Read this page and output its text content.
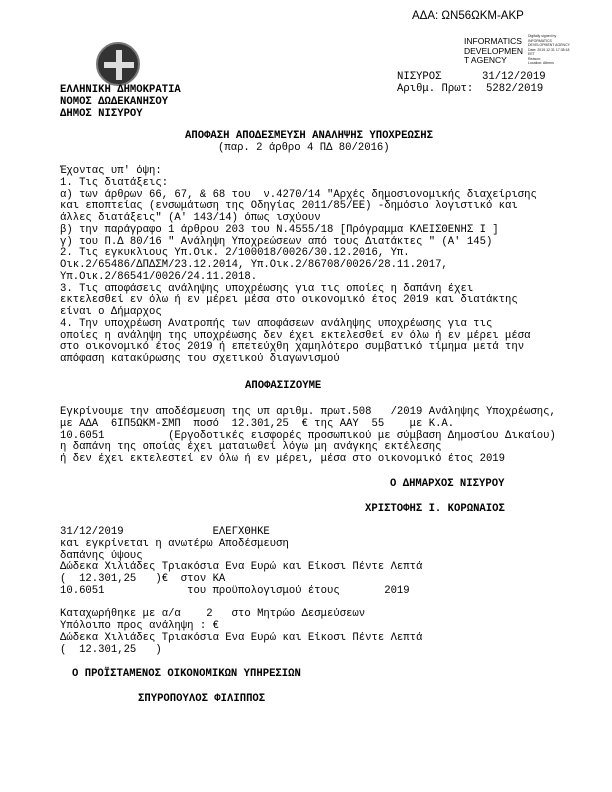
ΑΔΑ: ΩΝ56ΩΚΜ-ΑΚΡ
INFORMATICS
DEVELOPMEN
T AGENCY
Digitally signed by
INFORMATICS
DEVELOPMENT AGENCY
Date: 2019.12.31 17:38:18
EET
Reason:
Location: Athens
ΕΛΛΗΝΙΚΗ ΔΗΜΟΚΡΑΤΙΑ
ΝΟΜΟΣ ΔΩΔΕΚΑΝΗΣΟΥ
ΔΗΜΟΣ ΝΙΣΥΡΟΥ
ΝΙΣΥΡΟΣ	31/12/2019
Αριθμ. Πρωτ: 5282/2019
ΑΠΟΦΑΣΗ ΑΠΟΔΕΣΜΕΥΣΗ ΑΝΑΛΗΨΗΣ ΥΠΟΧΡΕΩΣΗΣ
(παρ. 2 άρθρο 4 ΠΔ 80/2016)
Έχοντας υπ' όψη:
1. Τις διατάξεις:
α) των άρθρων 66, 67, & 68 του  ν.4270/14 "Αρχές δημοσιονομικής διαχείρισης
και εποπτείας (ενσωμάτωση της Οδηγίας 2011/85/ΕΕ) -δημόσιο λογιστικό και
άλλες διατάξεις" (Α' 143/14) όπως ισχύουν
β) την παράγραφο 1 άρθρου 203 του Ν.4555/18 [Πρόγραμμα ΚΛΕΙΣΘΕΝΗΣ Ι ]
γ) του Π.Δ 80/16 " Ανάληψη Υποχρεώσεων από τους Διατάκτες " (Α' 145)
2. Τις εγκυκλιους Υπ.Οικ. 2/100018/0026/30.12.2016, Υπ.
Οικ.2/65486/ΔΠΔΣΜ/23.12.2014, Υπ.Οικ.2/86708/0026/28.11.2017,
Υπ.Οικ.2/86541/0026/24.11.2018.
3. Τις αποφάσεις ανάληψης υποχρέωσης για τις οποίες η δαπάνη έχει
εκτελεσθεί εν όλω ή εν μέρει μέσα στο οικονομικό έτος 2019 και διατάκτης
είναι ο Δήμαρχος
4. Την υποχρέωση Ανατροπής των αποφάσεων ανάληψης υποχρέωσης για τις
οποίες η ανάληψη της υποχρέωσης δεν έχει εκτελεσθεί εν όλω ή εν μέρει μέσα
στο οικονομικό έτος 2019 ή επετεύχθη χαμηλότερο συμβατικό τίμημα μετά την
απόφαση κατακύρωσης του σχετικού διαγωνισμού
ΑΠΟΦΑΣΙΖΟΥΜΕ
Εγκρίνουμε την αποδέσμευση της υπ αριθμ. πρωτ.508   /2019 Ανάληψης Υποχρέωσης,
με ΑΔΑ  6ΙΠ5ΩΚΜ-ΣΜΠ  ποσό  12.301,25  € της ΑΑΥ  55    με Κ.Α.
10.6051          (Εργοδοτικές εισφορές προσωπικού με σύμβαση Δημοσίου Δικαίου)
η δαπάνη της οποίας έχει ματαιωθεί λόγω μη ανάγκης εκτέλεσης
ή δεν έχει εκτελεστεί εν όλω ή εν μέρει, μέσα στο οικονομικό έτος 2019
Ο ΔΗΜΑΡΧΟΣ ΝΙΣΥΡΟΥ
ΧΡΙΣΤΟΦΗΣ Ι. ΚΟΡΩΝΑΙΟΣ
31/12/2019              ΕΛΕΓΧΘΗΚΕ
και εγκρίνεται η ανωτέρω Αποδέσμευση
δαπάνης ύψους
Δώδεκα Χιλιάδες Τριακόσια Ενα Ευρώ και Είκοσι Πέντε Λεπτά
(  12.301,25   )€  στον ΚΑ
10.6051             του προϋπολογισμού έτους       2019
Καταχωρήθηκε με α/α    2   στο Μητρώο Δεσμεύσεων
Υπόλοιπο προς ανάληψη : €
Δώδεκα Χιλιάδες Τριακόσια Ενα Ευρώ και Είκοσι Πέντε Λεπτά
(  12.301,25   )
Ο ΠΡΟΪΣΤΑΜΕΝΟΣ ΟΙΚΟΝΟΜΙΚΩΝ ΥΠΗΡΕΣΙΩΝ
ΣΠΥΡΟΠΟΥΛΟΣ ΦΙΛΙΠΠΟΣ
